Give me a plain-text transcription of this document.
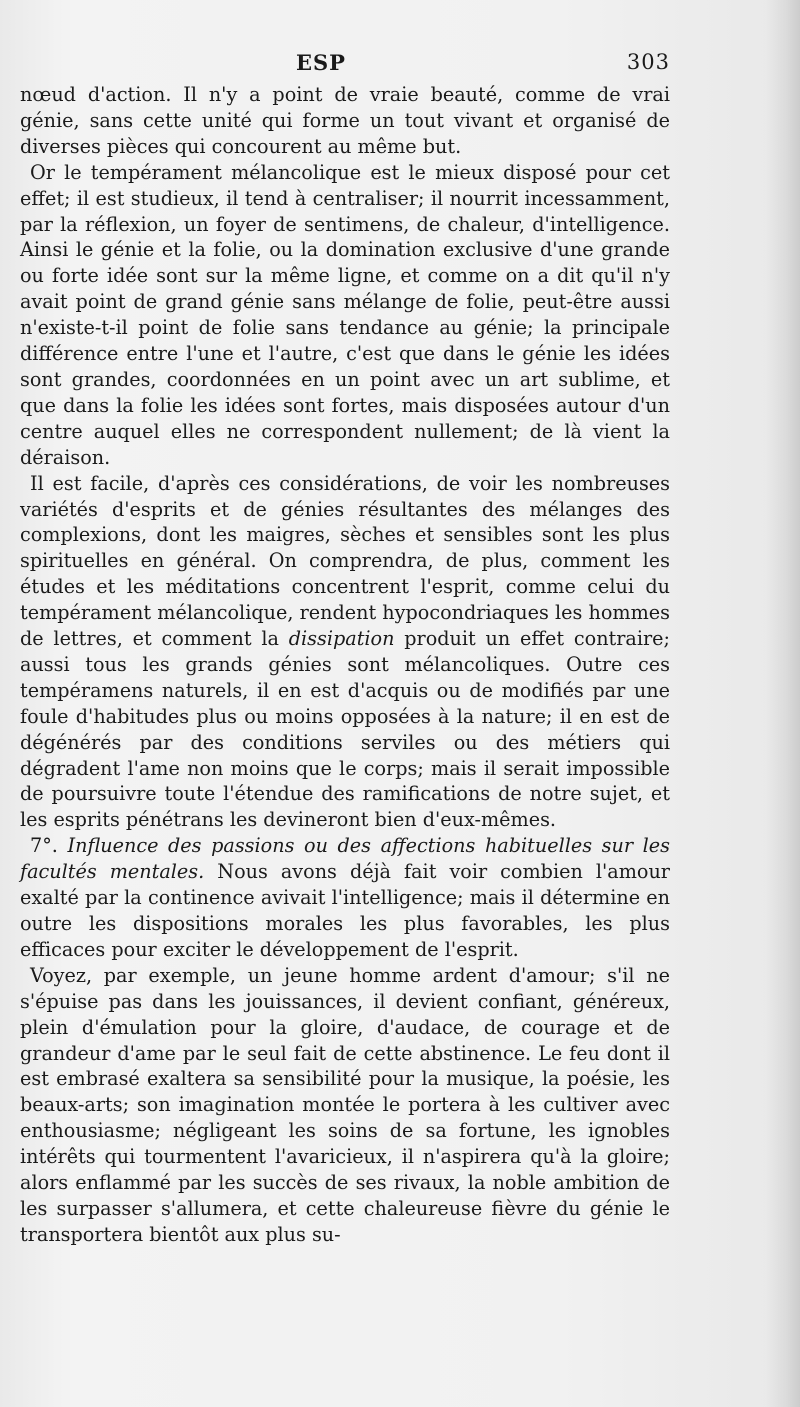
ESP	303

nœud d'action. Il n'y a point de vraie beauté, comme de vrai génie, sans cette unité qui forme un tout vivant et organisé de diverses pièces qui concourent au même but.

Or le tempérament mélancolique est le mieux disposé pour cet effet; il est studieux, il tend à centraliser; il nourrit incessamment, par la réflexion, un foyer de sentimens, de chaleur, d'intelligence. Ainsi le génie et la folie, ou la domination exclusive d'une grande ou forte idée sont sur la même ligne, et comme on a dit qu'il n'y avait point de grand génie sans mélange de folie, peut-être aussi n'existe-t-il point de folie sans tendance au génie; la principale différence entre l'une et l'autre, c'est que dans le génie les idées sont grandes, coordonnées en un point avec un art sublime, et que dans la folie les idées sont fortes, mais disposées autour d'un centre auquel elles ne correspondent nullement; de là vient la déraison.

Il est facile, d'après ces considérations, de voir les nombreuses variétés d'esprits et de génies résultantes des mélanges des complexions, dont les maigres, sèches et sensibles sont les plus spirituelles en général. On comprendra, de plus, comment les études et les méditations concentrent l'esprit, comme celui du tempérament mélancolique, rendent hypocondriaques les hommes de lettres, et comment la dissipation produit un effet contraire; aussi tous les grands génies sont mélancoliques. Outre ces tempéramens naturels, il en est d'acquis ou de modifiés par une foule d'habitudes plus ou moins opposées à la nature; il en est de dégénérés par des conditions serviles ou des métiers qui dégradent l'ame non moins que le corps; mais il serait impossible de poursuivre toute l'étendue des ramifications de notre sujet, et les esprits pénétrans les devineront bien d'eux-mêmes.

7°. Influence des passions ou des affections habituelles sur les facultés mentales. Nous avons déjà fait voir combien l'amour exalté par la continence avivait l'intelligence; mais il détermine en outre les dispositions morales les plus favorables, les plus efficaces pour exciter le développement de l'esprit.

Voyez, par exemple, un jeune homme ardent d'amour; s'il ne s'épuise pas dans les jouissances, il devient confiant, généreux, plein d'émulation pour la gloire, d'audace, de courage et de grandeur d'ame par le seul fait de cette abstinence. Le feu dont il est embrasé exaltera sa sensibilité pour la musique, la poésie, les beaux-arts; son imagination montée le portera à les cultiver avec enthousiasme; négligeant les soins de sa fortune, les ignobles intérêts qui tourmentent l'avaricieux, il n'aspirera qu'à la gloire; alors enflammé par les succès de ses rivaux, la noble ambition de les surpasser s'allumera, et cette chaleureuse fièvre du génie le transportera bientôt aux plus su-
